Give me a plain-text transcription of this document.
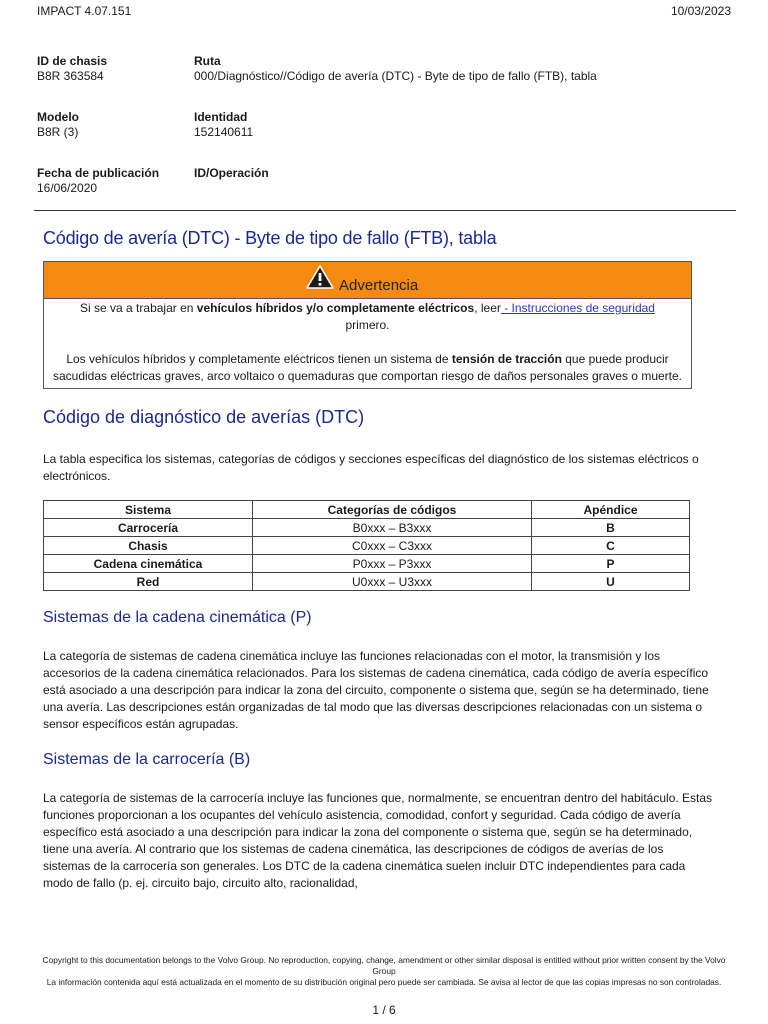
IMPACT 4.07.151	10/03/2023
ID de chasis
B8R 363584
Ruta
000/Diagnóstico//Código de avería (DTC) - Byte de tipo de fallo (FTB), tabla
Modelo
B8R (3)
Identidad
152140611
Fecha de publicación
16/06/2020
ID/Operación
Código de avería (DTC) - Byte de tipo de fallo (FTB), tabla
Advertencia

Si se va a trabajar en vehículos híbridos y/o completamente eléctricos, leer - Instrucciones de seguridad
primero.

Los vehículos híbridos y completamente eléctricos tienen un sistema de tensión de tracción que puede producir sacudidas eléctricas graves, arco voltaico o quemaduras que comportan riesgo de daños personales graves o muerte.

Código de diagnóstico de averías (DTC)

La tabla especifica los sistemas, categorías de códigos y secciones específicas del diagnóstico de los sistemas eléctricos o electrónicos.

Sistema	Categorías de códigos	Apéndice
Carrocería	B0xxx – B3xxx	B
Chasis	C0xxx – C3xxx	C
Cadena cinemática	P0xxx – P3xxx	P
Red	U0xxx – U3xxx	U
Sistemas de la cadena cinemática (P)

La categoría de sistemas de cadena cinemática incluye las funciones relacionadas con el motor, la transmisión y los accesorios de la cadena cinemática relacionados. Para los sistemas de cadena cinemática, cada código de avería específico está asociado a una descripción para indicar la zona del circuito, componente o sistema que, según se ha determinado, tiene una avería. Las descripciones están organizadas de tal modo que las diversas descripciones relacionadas con un sistema o sensor específicos están agrupadas.

Sistemas de la carrocería (B)

La categoría de sistemas de la carrocería incluye las funciones que, normalmente, se encuentran dentro del habitáculo. Estas funciones proporcionan a los ocupantes del vehículo asistencia, comodidad, confort y seguridad. Cada código de avería específico está asociado a una descripción para indicar la zona del componente o sistema que, según se ha determinado, tiene una avería. Al contrario que los sistemas de cadena cinemática, las descripciones de códigos de averías de los sistemas de la carrocería son generales. Los DTC de la cadena cinemática suelen incluir DTC independientes para cada modo de fallo (p. ej. circuito bajo, circuito alto, racionalidad,

Copyright to this documentation belongs to the Volvo Group. No reproduction, copying, change, amendment or other similar disposal is entitled without prior written consent by the Volvo Group
La información contenida aquí está actualizada en el momento de su distribución original pero puede ser cambiada. Se avisa al lector de que las copias impresas no son controladas.
1 / 6
